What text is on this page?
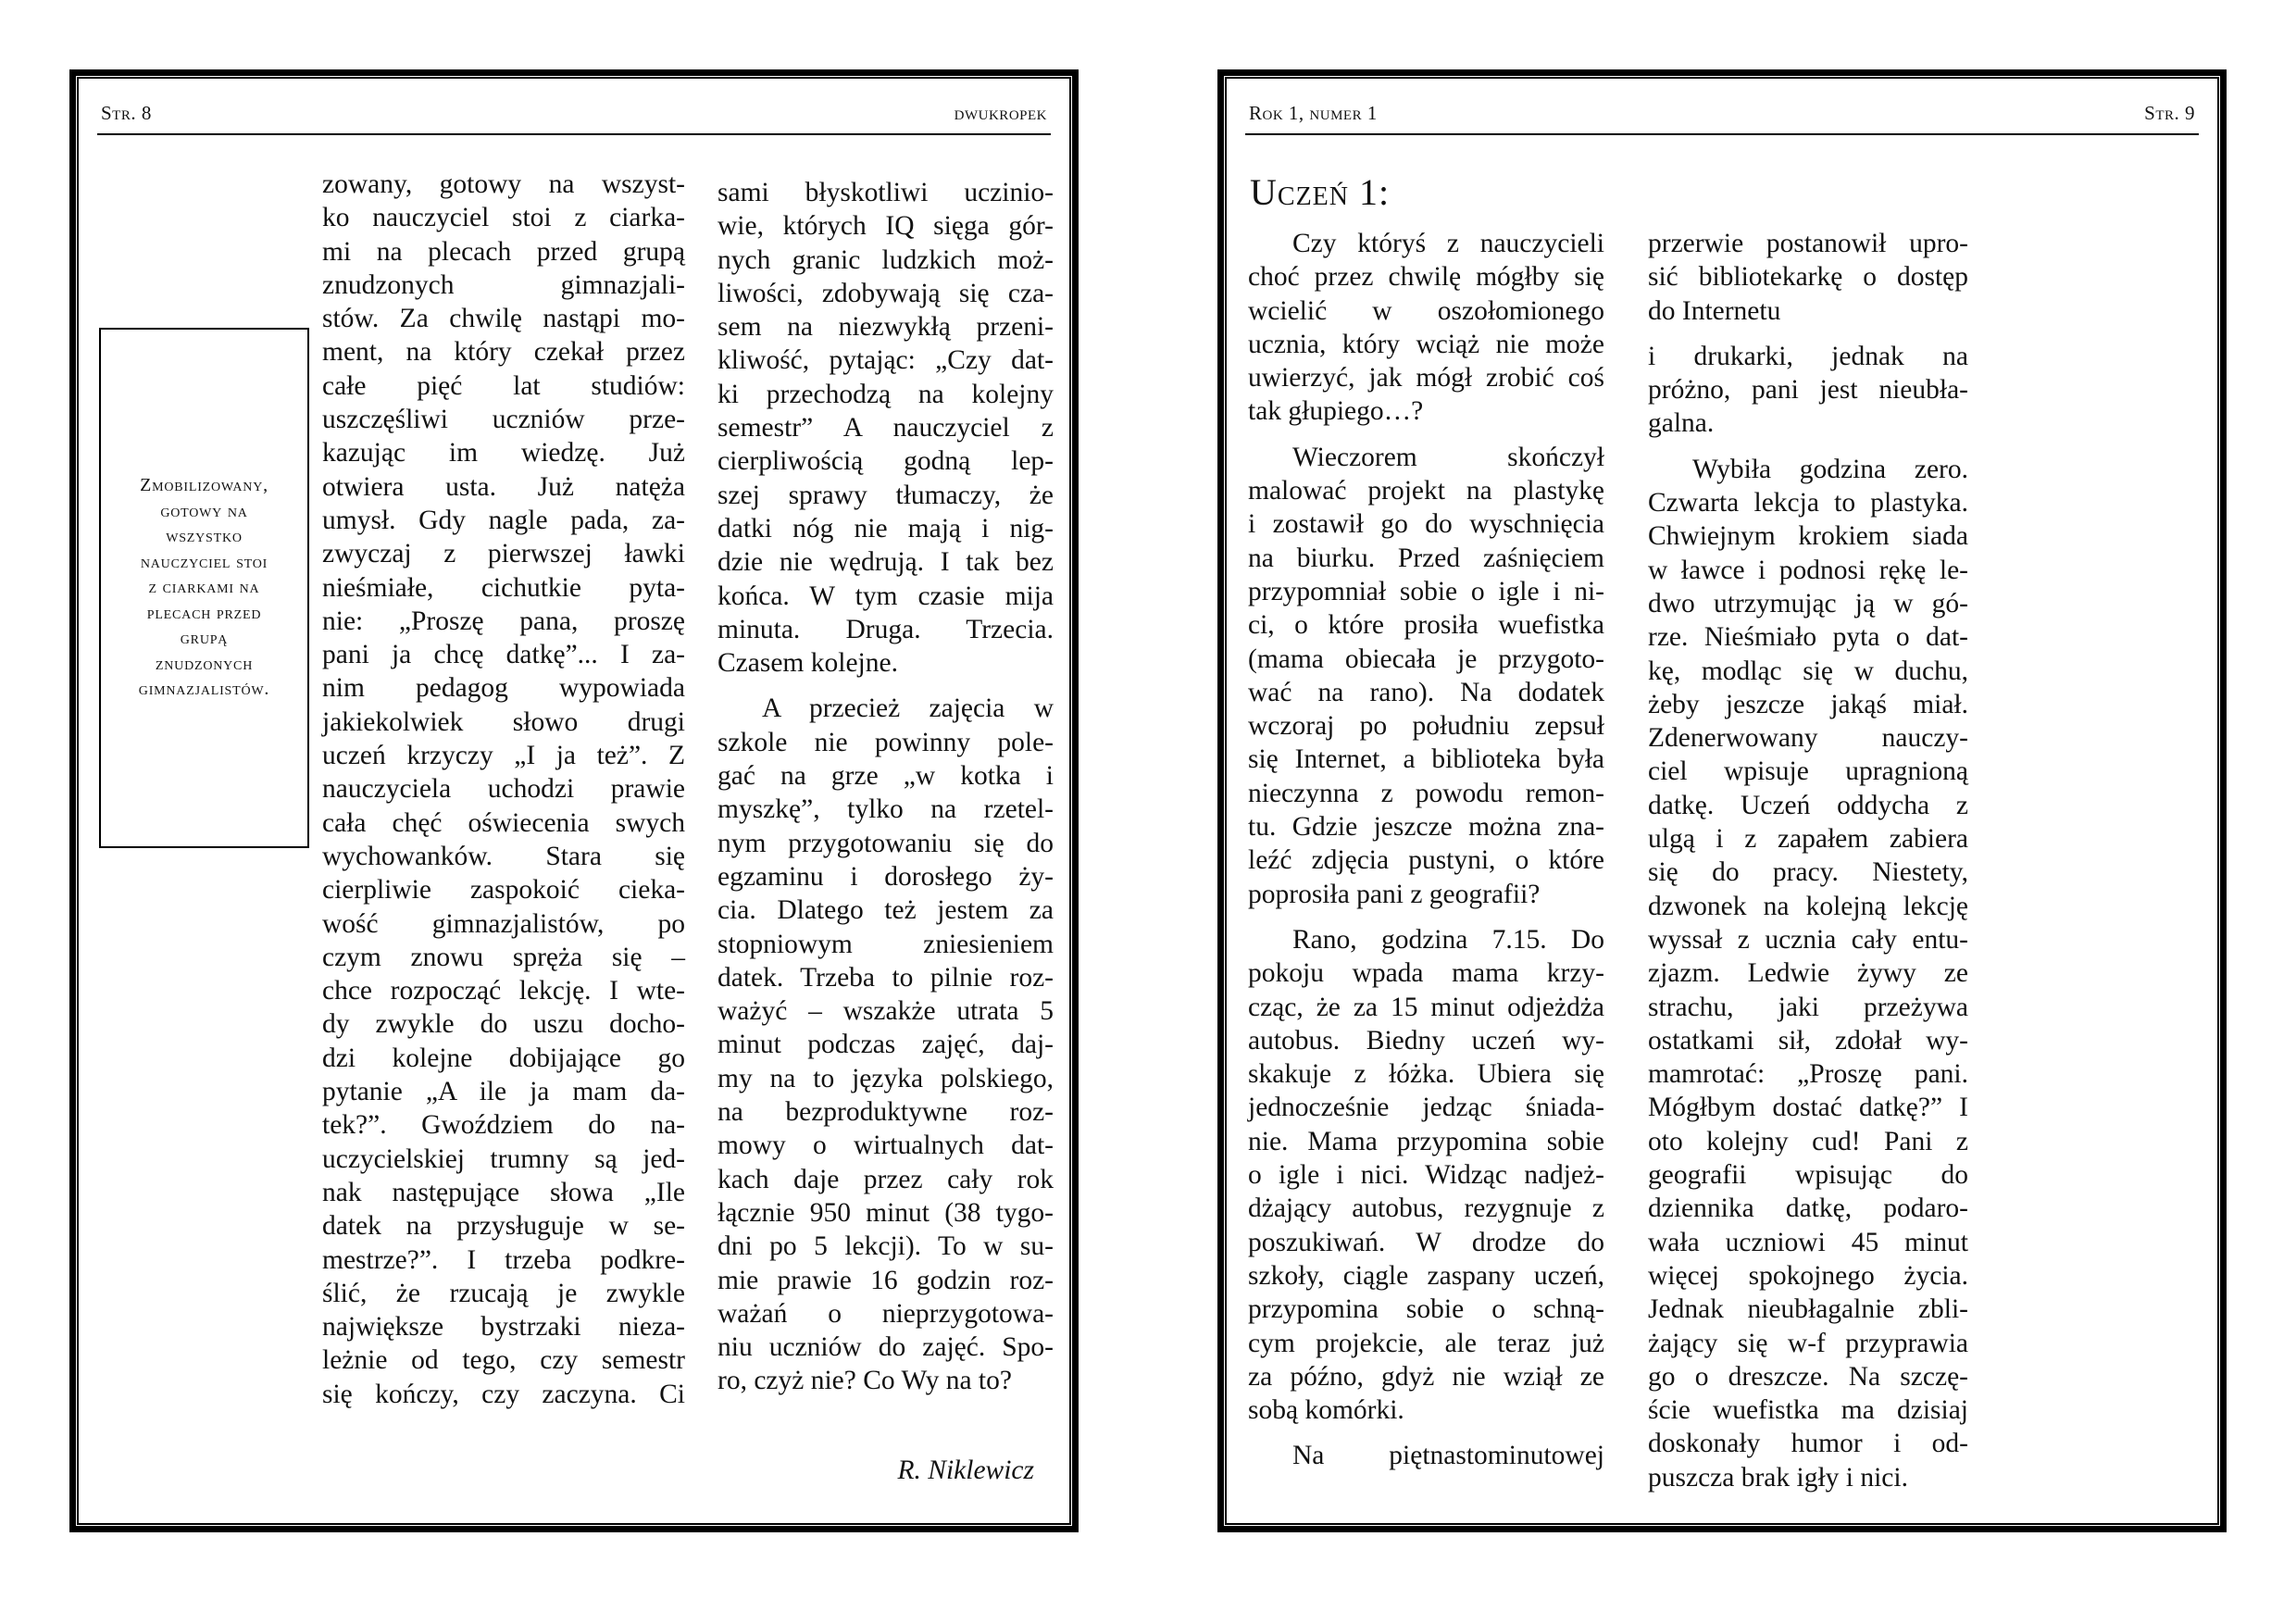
Str. 8	dwukropek
Zmobilizowany,
gotowy na
wszystko
nauczyciel stoi
z ciarkami na
plecach przed
grupą
znudzonych
gimnazjalistów.
zowany, gotowy na wszyst-
ko nauczyciel stoi z ciarka-
mi na plecach przed grupą
znudzonych gimnazjali-
stów. Za chwilę nastąpi mo-
ment, na który czekał przez
całe pięć lat studiów:
uszczęśliwi uczniów prze-
kazując im wiedzę. Już
otwiera usta. Już natęża
umysł. Gdy nagle pada, za-
zwyczaj z pierwszej ławki
nieśmiałe, cichutkie pyta-
nie: „Proszę pana, proszę
pani ja chcę datkę”... I za-
nim pedagog wypowiada
jakiekolwiek słowo drugi
uczeń krzyczy „I ja też”. Z
nauczyciela uchodzi prawie
cała chęć oświecenia swych
wychowanków. Stara się
cierpliwie zaspokoić cieka-
wość gimnazjalistów, po
czym znowu spręża się –
chce rozpocząć lekcję. I wte-
dy zwykle do uszu docho-
dzi kolejne dobijające go
pytanie „A ile ja mam da-
tek?”. Gwoździem do na-
uczycielskiej trumny są jed-
nak następujące słowa „Ile
datek na przysługuje w se-
mestrze?”. I trzeba podkre-
ślić, że rzucają je zwykle
największe bystrzaki nieza-
leżnie od tego, czy semestr
się kończy, czy zaczyna. Ci
sami błyskotliwi uczinio-
wie, których IQ sięga gór-
nych granic ludzkich moż-
liwości, zdobywają się cza-
sem na niezwykłą przeni-
kliwość, pytając: „Czy dat-
ki przechodzą na kolejny
semestr” A nauczyciel z
cierpliwością godną lep-
szej sprawy tłumaczy, że
datki nóg nie mają i nig-
dzie nie wędrują. I tak bez
końca. W tym czasie mija
minuta. Druga. Trzecia.
Czasem kolejne.
A przecież zajęcia w
szkole nie powinny pole-
gać na grze „w kotka i
myszkę”, tylko na rzetel-
nym przygotowaniu się do
egzaminu i dorosłego ży-
cia. Dlatego też jestem za
stopniowym zniesieniem
datek. Trzeba to pilnie roz-
ważyć – wszakże utrata 5
minut podczas zajęć, daj-
my na to języka polskiego,
na bezproduktywne roz-
mowy o wirtualnych dat-
kach daje przez cały rok
łącznie 950 minut (38 tygo-
dni po 5 lekcji). To w su-
mie prawie 16 godzin roz-
ważań o nieprzygotowa-
niu uczniów do zajęć. Spo-
ro, czyż nie? Co Wy na to?
R. Niklewicz
Rok 1, numer 1	Str. 9
Uczeń 1:
Czy któryś z nauczycieli
choć przez chwilę mógłby się
wcielić w oszołomionego
ucznia, który wciąż nie może
uwierzyć, jak mógł zrobić coś
tak głupiego…?
Wieczorem skończył
malować projekt na plastykę
i zostawił go do wyschnięcia
na biurku. Przed zaśnięciem
przypomniał sobie o igle i ni-
ci, o które prosiła wuefistka
(mama obiecała je przygoto-
wać na rano). Na dodatek
wczoraj po południu zepsuł
się Internet, a biblioteka była
nieczynna z powodu remon-
tu. Gdzie jeszcze można zna-
leźć zdjęcia pustyni, o które
poprosiła pani z geografii?
Rano, godzina 7.15. Do
pokoju wpada mama krzy-
cząc, że za 15 minut odjeżdża
autobus. Biedny uczeń wy-
skakuje z łóżka. Ubiera się
jednocześnie jedząc śniada-
nie. Mama przypomina sobie
o igle i nici. Widząc nadjeż-
dżający autobus, rezygnuje z
poszukiwań. W drodze do
szkoły, ciągle zaspany uczeń,
przypomina sobie o schną-
cym projekcie, ale teraz już
za późno, gdyż nie wziął ze
sobą komórki.
Na piętnastominutowej
przerwie postanowił upro-
sić bibliotekarkę o dostęp
do Internetu
i drukarki, jednak na
próżno, pani jest nieubła-
galna.
Wybiła godzina zero.
Czwarta lekcja to plastyka.
Chwiejnym krokiem siada
w ławce i podnosi rękę le-
dwo utrzymując ją w gó-
rze. Nieśmiało pyta o dat-
kę, modląc się w duchu,
żeby jeszcze jakąś miał.
Zdenerwowany nauczy-
ciel wpisuje upragnioną
datkę. Uczeń oddycha z
ulgą i z zapałem zabiera
się do pracy. Niestety,
dzwonek na kolejną lekcję
wyssał z ucznia cały entu-
zjazm. Ledwie żywy ze
strachu, jaki przeżywa
ostatkami sił, zdołał wy-
mamrotać: „Proszę pani.
Mógłbym dostać datkę?” I
oto kolejny cud! Pani z
geografii wpisując do
dziennika datkę, podaro-
wała uczniowi 45 minut
więcej spokojnego życia.
Jednak nieubłagalnie zbli-
żający się w-f przyprawia
go o dreszcze. Na szczę-
ście wuefistka ma dzisiaj
doskonały humor i od-
puszcza brak igły i nici.
